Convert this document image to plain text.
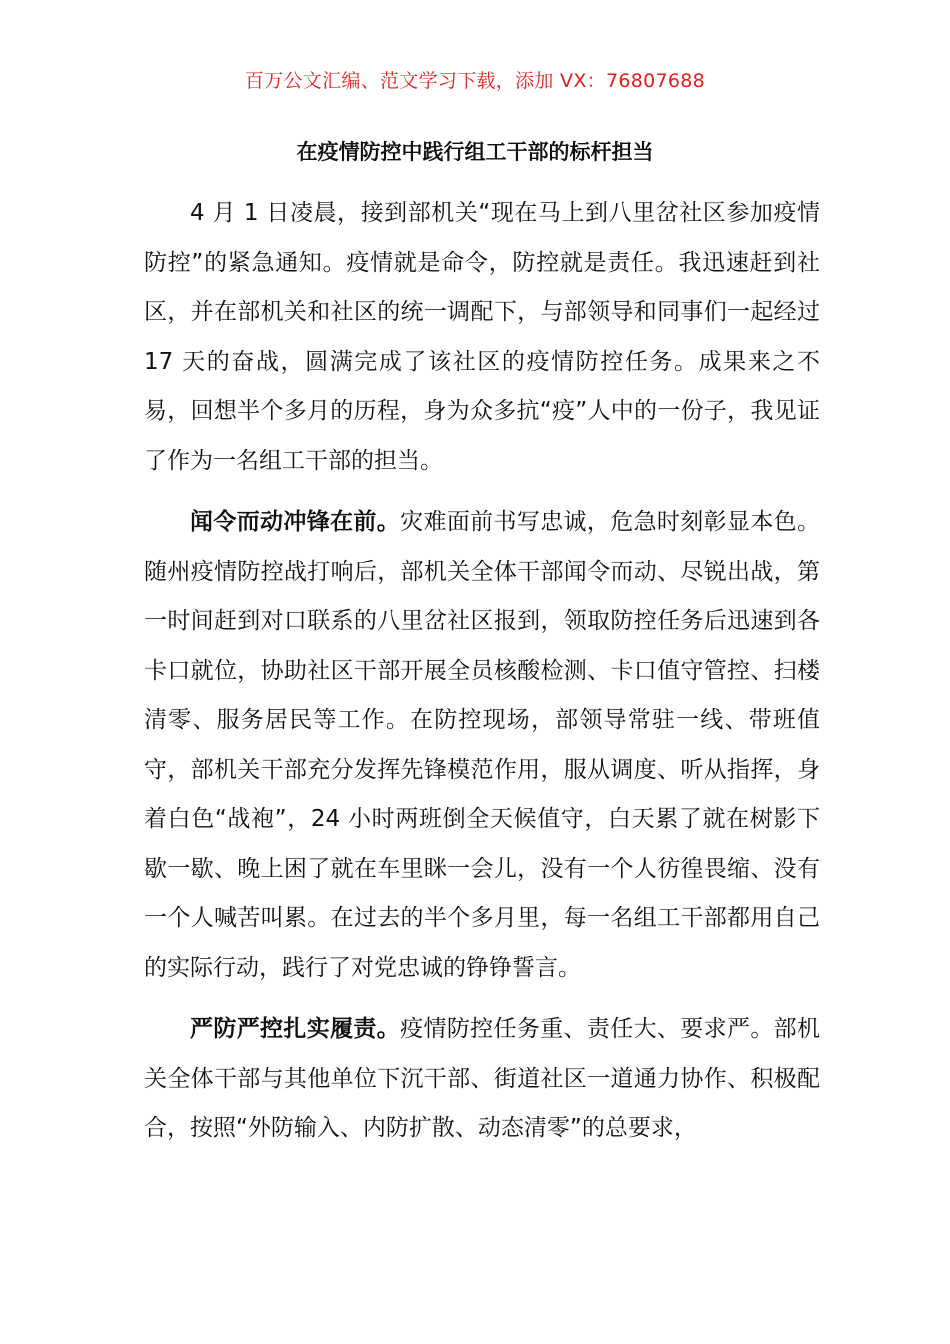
百万公文汇编、范文学习下载，添加 VX：76807688
在疫情防控中践行组工干部的标杆担当

4 月 1 日凌晨，接到部机关“现在马上到八里岔社区参加疫情防控”的紧急通知。疫情就是命令，防控就是责任。我迅速赶到社区，并在部机关和社区的统一调配下，与部领导和同事们一起经过 17 天的奋战，圆满完成了该社区的疫情防控任务。成果来之不易，回想半个多月的历程，身为众多抗“疫”人中的一份子，我见证了作为一名组工干部的担当。

闻令而动冲锋在前。灾难面前书写忠诚，危急时刻彰显本色。随州疫情防控战打响后，部机关全体干部闻令而动、尽锐出战，第一时间赶到对口联系的八里岔社区报到，领取防控任务后迅速到各卡口就位，协助社区干部开展全员核酸检测、卡口值守管控、扫楼清零、服务居民等工作。在防控现场，部领导常驻一线、带班值守，部机关干部充分发挥先锋模范作用，服从调度、听从指挥，身着白色“战袍”，24 小时两班倒全天候值守，白天累了就在树影下歇一歇、晚上困了就在车里眯一会儿，没有一个人彷徨畏缩、没有一个人喊苦叫累。在过去的半个多月里，每一名组工干部都用自己的实际行动，践行了对党忠诚的铮铮誓言。

严防严控扎实履责。疫情防控任务重、责任大、要求严。部机关全体干部与其他单位下沉干部、街道社区一道通力协作、积极配合，按照“外防输入、内防扩散、动态清零”的总要求，
